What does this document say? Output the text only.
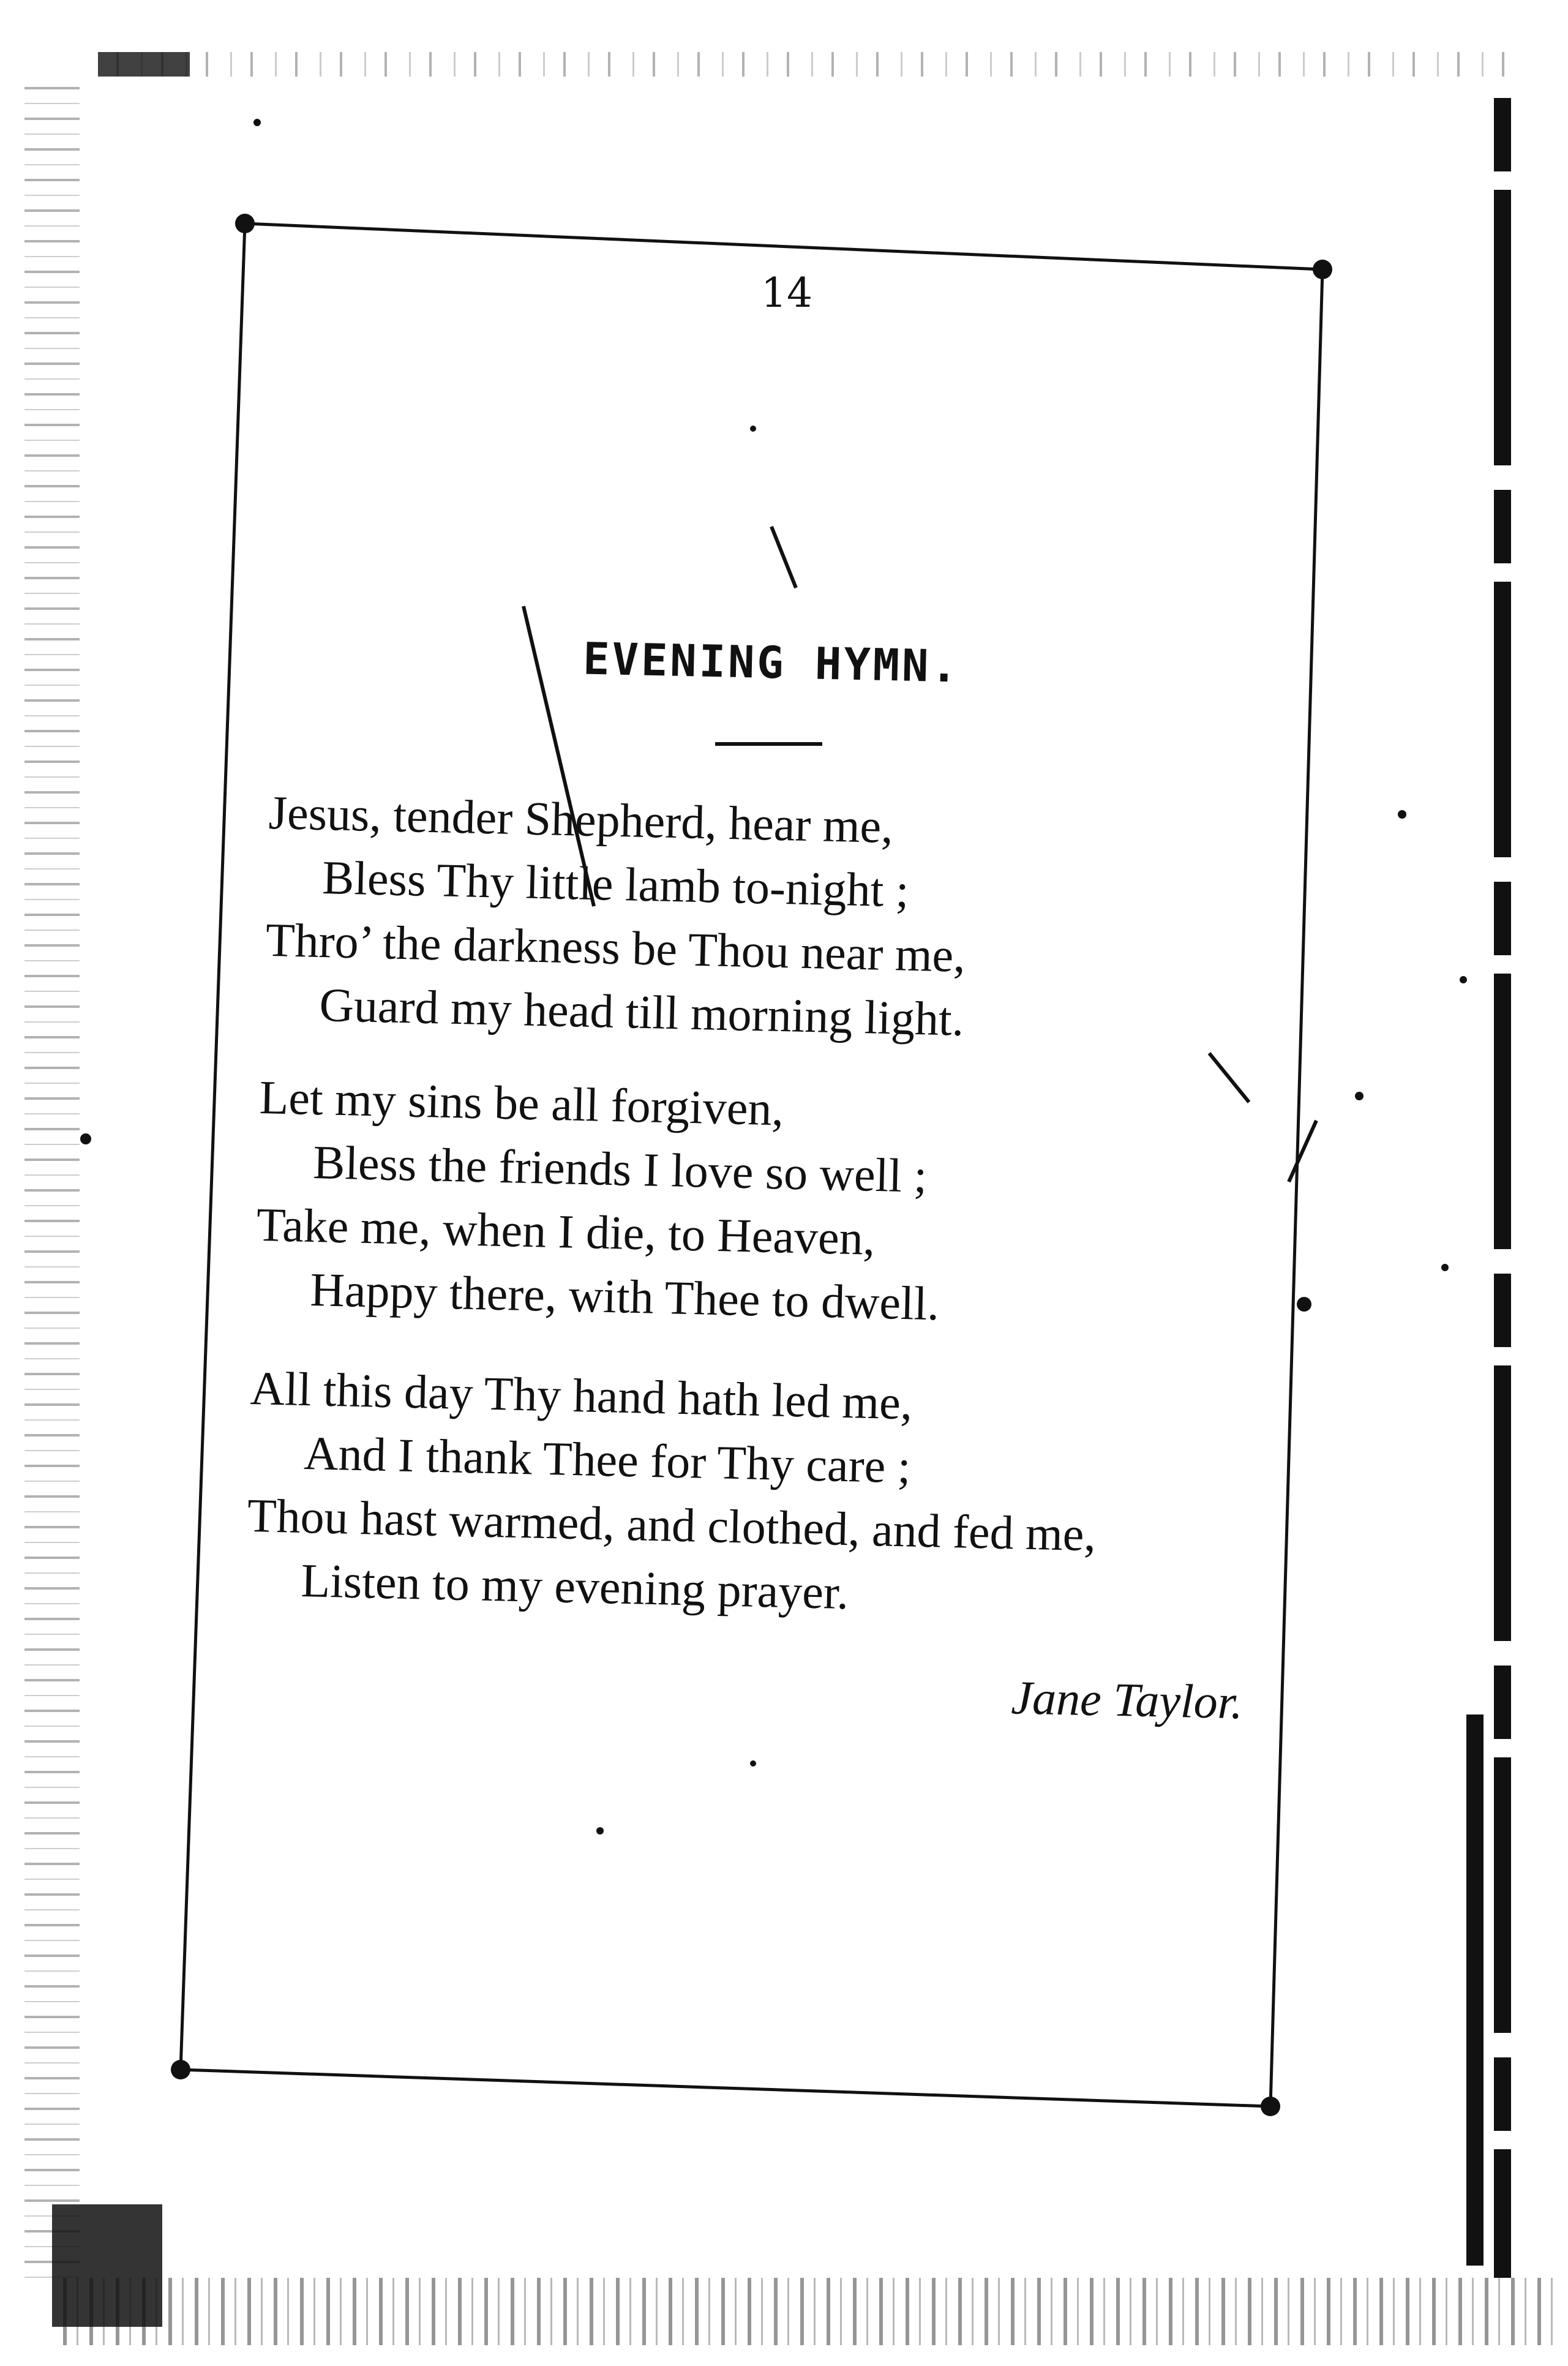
14
EVENING HYMN.
Jesus, tender Shepherd, hear me,
Bless Thy little lamb to-night ;
Thro’ the darkness be Thou near me,
Guard my head till morning light.
Let my sins be all forgiven,
Bless the friends I love so well ;
Take me, when I die, to Heaven,
Happy there, with Thee to dwell.
All this day Thy hand hath led me,
And I thank Thee for Thy care ;
Thou hast warmed, and clothed, and fed me,
Listen to my evening prayer.
Jane Taylor.
